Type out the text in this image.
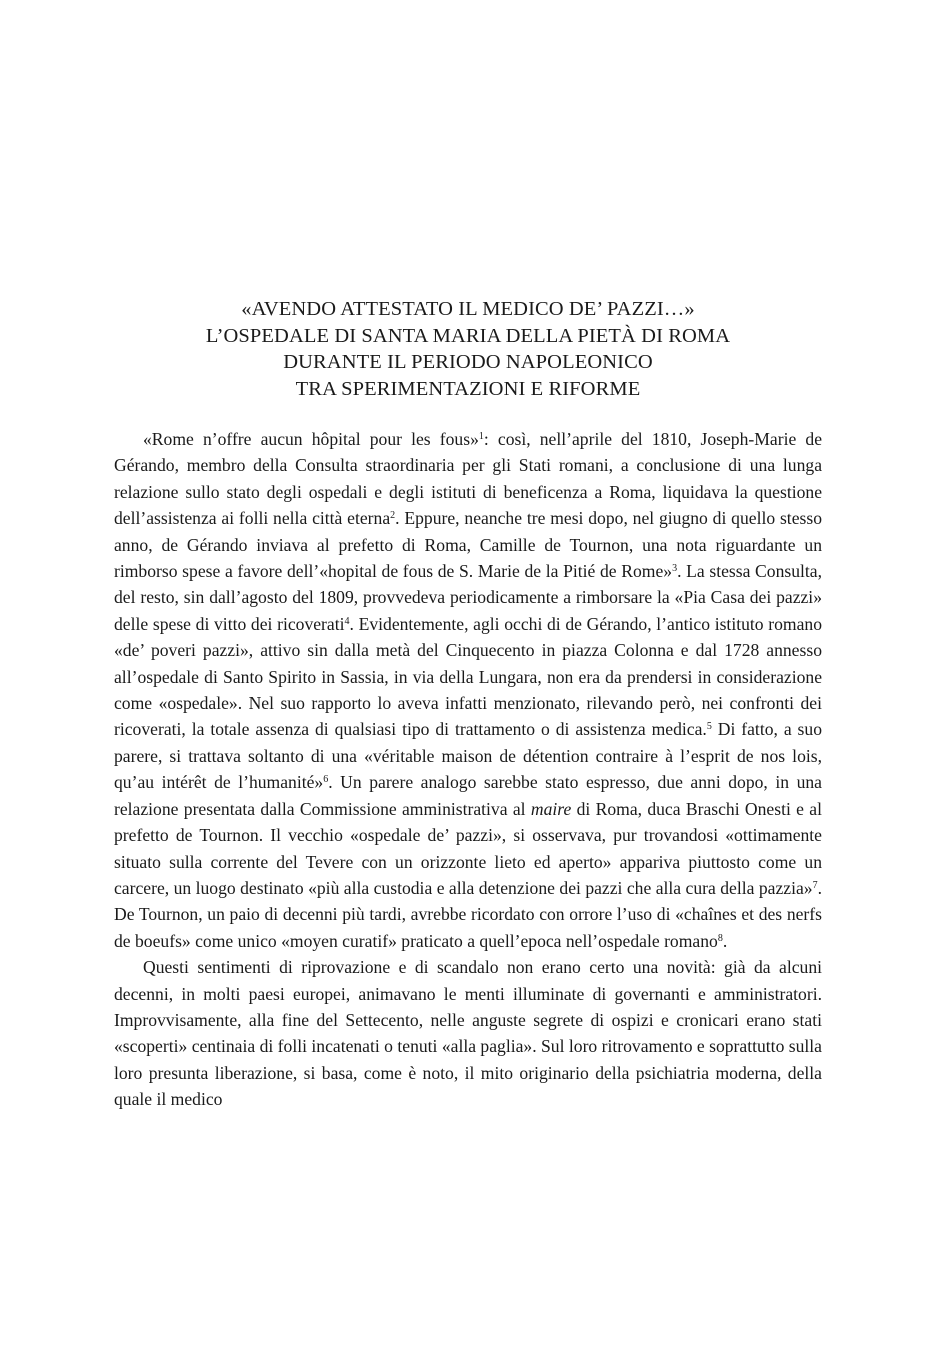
«AVENDO ATTESTATO IL MEDICO DE’ PAZZI…»
L’OSPEDALE DI SANTA MARIA DELLA PIETÀ DI ROMA
DURANTE IL PERIODO NAPOLEONICO
TRA SPERIMENTAZIONI E RIFORME

«Rome n’offre aucun hôpital pour les fous»$^1$: così, nell’aprile del 1810, Joseph-Marie de Gérando, membro della Consulta straordinaria per gli Stati romani, a conclusione di una lunga relazione sullo stato degli ospedali e degli istituti di beneficenza a Roma, liquidava la questione dell’assistenza ai folli nella città eterna$^2$. Eppure, neanche tre mesi dopo, nel giugno di quello stesso anno, de Gérando inviava al prefetto di Roma, Camille de Tournon, una nota riguardante un rimborso spese a favore dell’«hopital de fous de S. Marie de la Pitié de Rome»$^3$. La stessa Consulta, del resto, sin dall’agosto del 1809, provvedeva periodicamente a rimborsare la «Pia Casa dei pazzi» delle spese di vitto dei ricoverati$^4$. Evidentemente, agli occhi di de Gérando, l’antico istituto romano «de’ poveri pazzi», attivo sin dalla metà del Cinquecento in piazza Colonna e dal 1728 annesso all’ospedale di Santo Spirito in Sassia, in via della Lungara, non era da prendersi in considerazione come «ospedale». Nel suo rapporto lo aveva infatti menzionato, rilevando però, nei confronti dei ricoverati, la totale assenza di qualsiasi tipo di trattamento o di assistenza medica.$^5$ Di fatto, a suo parere, si trattava soltanto di una «véritable maison de détention contraire à l’esprit de nos lois, qu’au intérêt de l’humanité»$^6$. Un parere analogo sarebbe stato espresso, due anni dopo, in una relazione presentata dalla Commissione amministrativa al maire di Roma, duca Braschi Onesti e al prefetto de Tournon. Il vecchio «ospedale de’ pazzi», si osservava, pur trovandosi «ottimamente situato sulla corrente del Tevere con un orizzonte lieto ed aperto» appariva piuttosto come un carcere, un luogo destinato «più alla custodia e alla detenzione dei pazzi che alla cura della pazzia»$^7$. De Tournon, un paio di decenni più tardi, avrebbe ricordato con orrore l’uso di «chaînes et des nerfs de boeufs» come unico «moyen curatif» praticato a quell’epoca nell’ospedale romano$^8$.

Questi sentimenti di riprovazione e di scandalo non erano certo una novità: già da alcuni decenni, in molti paesi europei, animavano le menti illuminate di governanti e amministratori. Improvvisamente, alla fine del Settecento, nelle anguste segrete di ospizi e cronicari erano stati «scoperti» centinaia di folli incatenati o tenuti «alla paglia». Sul loro ritrovamento e soprattutto sulla loro presunta liberazione, si basa, come è noto, il mito originario della psichiatria moderna, della quale il medico
